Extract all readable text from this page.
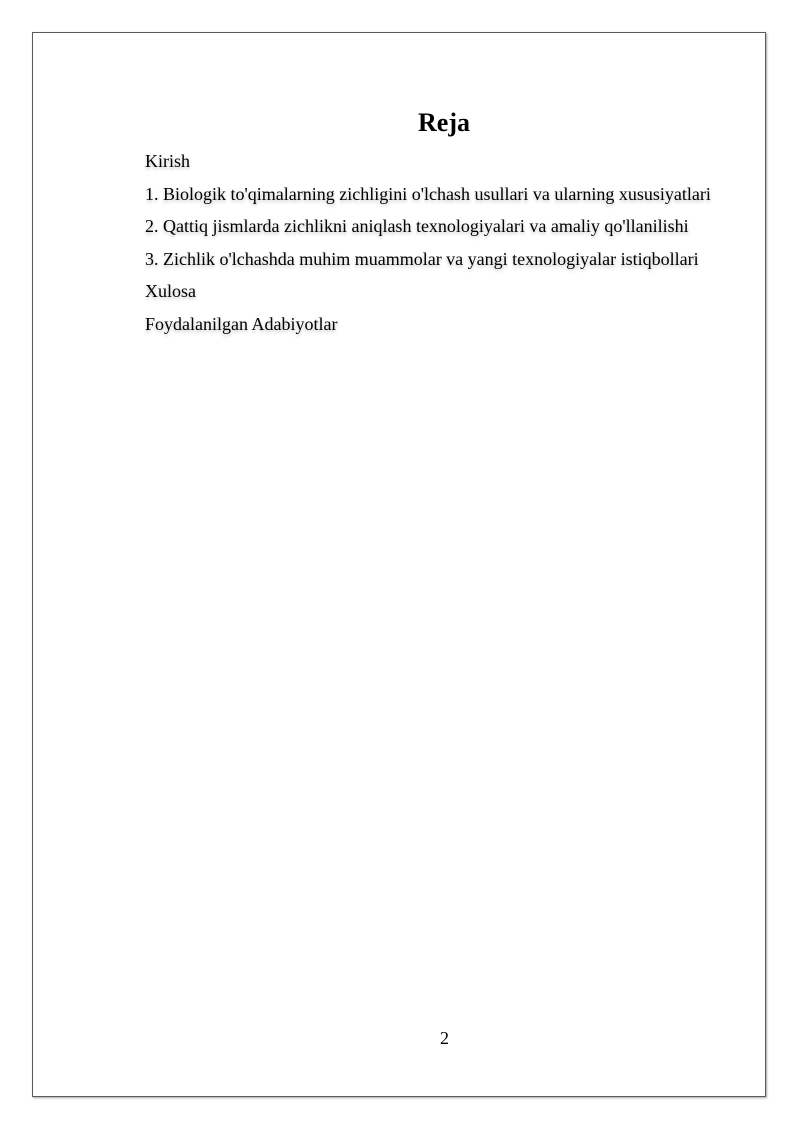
Reja
Kirish
1. Biologik to'qimalarning zichligini o'lchash usullari va ularning xususiyatlari
2. Qattiq jismlarda zichlikni aniqlash texnologiyalari va amaliy qo'llanilishi
3. Zichlik o'lchashda muhim muammolar va yangi texnologiyalar istiqbollari
Xulosa
Foydalanilgan Adabiyotlar
2
